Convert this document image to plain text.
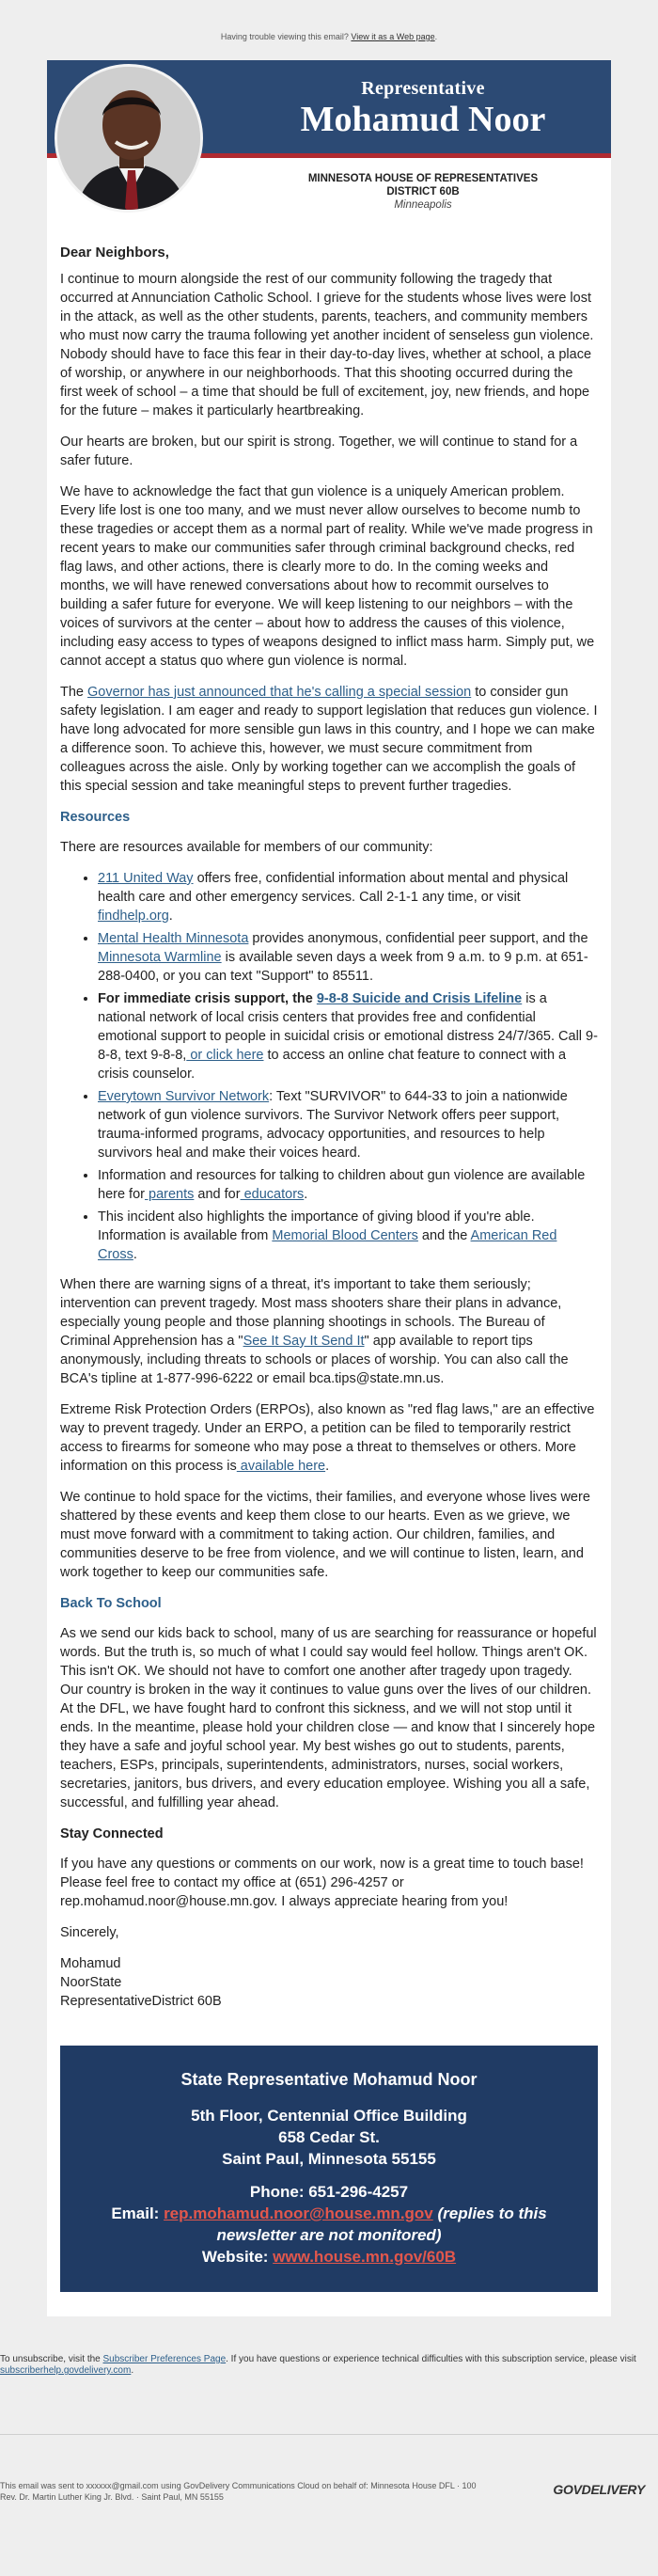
Having trouble viewing this email? View it as a Web page.
Representative
Mohamud Noor
MINNESOTA HOUSE OF REPRESENTATIVES
DISTRICT 60B
Minneapolis

Dear Neighbors,

I continue to mourn alongside the rest of our community following the tragedy that occurred at Annunciation Catholic School. I grieve for the students whose lives were lost in the attack, as well as the other students, parents, teachers, and community members who must now carry the trauma following yet another incident of senseless gun violence. Nobody should have to face this fear in their day-to-day lives, whether at school, a place of worship, or anywhere in our neighborhoods. That this shooting occurred during the first week of school – a time that should be full of excitement, joy, new friends, and hope for the future – makes it particularly heartbreaking.

Our hearts are broken, but our spirit is strong. Together, we will continue to stand for a safer future.

We have to acknowledge the fact that gun violence is a uniquely American problem. Every life lost is one too many, and we must never allow ourselves to become numb to these tragedies or accept them as a normal part of reality. While we've made progress in recent years to make our communities safer through criminal background checks, red flag laws, and other actions, there is clearly more to do. In the coming weeks and months, we will have renewed conversations about how to recommit ourselves to building a safer future for everyone. We will keep listening to our neighbors – with the voices of survivors at the center – about how to address the causes of this violence, including easy access to types of weapons designed to inflict mass harm. Simply put, we cannot accept a status quo where gun violence is normal.

The Governor has just announced that he's calling a special session to consider gun safety legislation. I am eager and ready to support legislation that reduces gun violence. I have long advocated for more sensible gun laws in this country, and I hope we can make a difference soon. To achieve this, however, we must secure commitment from colleagues across the aisle. Only by working together can we accomplish the goals of this special session and take meaningful steps to prevent further tragedies.

Resources

There are resources available for members of our community:

• 211 United Way offers free, confidential information about mental and physical health care and other emergency services. Call 2-1-1 any time, or visit findhelp.org.
• Mental Health Minnesota provides anonymous, confidential peer support, and the Minnesota Warmline is available seven days a week from 9 a.m. to 9 p.m. at 651-288-0400, or you can text "Support" to 85511.
• For immediate crisis support, the 9-8-8 Suicide and Crisis Lifeline is a national network of local crisis centers that provides free and confidential emotional support to people in suicidal crisis or emotional distress 24/7/365. Call 9-8-8, text 9-8-8, or click here to access an online chat feature to connect with a crisis counselor.
• Everytown Survivor Network: Text "SURVIVOR" to 644-33 to join a nationwide network of gun violence survivors. The Survivor Network offers peer support, trauma-informed programs, advocacy opportunities, and resources to help survivors heal and make their voices heard.
• Information and resources for talking to children about gun violence are available here for parents and for educators.
• This incident also highlights the importance of giving blood if you're able. Information is available from Memorial Blood Centers and the American Red Cross.

When there are warning signs of a threat, it's important to take them seriously; intervention can prevent tragedy. Most mass shooters share their plans in advance, especially young people and those planning shootings in schools. The Bureau of Criminal Apprehension has a "See It Say It Send It" app available to report tips anonymously, including threats to schools or places of worship. You can also call the BCA's tipline at 1-877-996-6222 or email bca.tips@state.mn.us.

Extreme Risk Protection Orders (ERPOs), also known as "red flag laws," are an effective way to prevent tragedy. Under an ERPO, a petition can be filed to temporarily restrict access to firearms for someone who may pose a threat to themselves or others. More information on this process is available here.

We continue to hold space for the victims, their families, and everyone whose lives were shattered by these events and keep them close to our hearts. Even as we grieve, we must move forward with a commitment to taking action. Our children, families, and communities deserve to be free from violence, and we will continue to listen, learn, and work together to keep our communities safe.

Back To School

As we send our kids back to school, many of us are searching for reassurance or hopeful words. But the truth is, so much of what I could say would feel hollow. Things aren't OK. This isn't OK. We should not have to comfort one another after tragedy upon tragedy. Our country is broken in the way it continues to value guns over the lives of our children. At the DFL, we have fought hard to confront this sickness, and we will not stop until it ends. In the meantime, please hold your children close — and know that I sincerely hope they have a safe and joyful school year. My best wishes go out to students, parents, teachers, ESPs, principals, superintendents, administrators, nurses, social workers, secretaries, janitors, bus drivers, and every education employee. Wishing you all a safe, successful, and fulfilling year ahead.

Stay Connected

If you have any questions or comments on our work, now is a great time to touch base! Please feel free to contact my office at (651) 296-4257 or rep.mohamud.noor@house.mn.gov. I always appreciate hearing from you!

Sincerely,

Mohamud
NoorState
RepresentativeDistrict 60B
State Representative Mohamud Noor
5th Floor, Centennial Office Building
658 Cedar St.
Saint Paul, Minnesota 55155
Phone: 651-296-4257
Email: rep.mohamud.noor@house.mn.gov (replies to this newsletter are not monitored)
Website: www.house.mn.gov/60B
To unsubscribe, visit the Subscriber Preferences Page. If you have questions or experience technical difficulties with this subscription service, please visit subscriberhelp.govdelivery.com.
This email was sent to xxxxxx@gmail.com using GovDelivery Communications Cloud on behalf of: Minnesota House DFL · 100
Rev. Dr. Martin Luther King Jr. Blvd. · Saint Paul, MN 55155	GOVDELIVERY
